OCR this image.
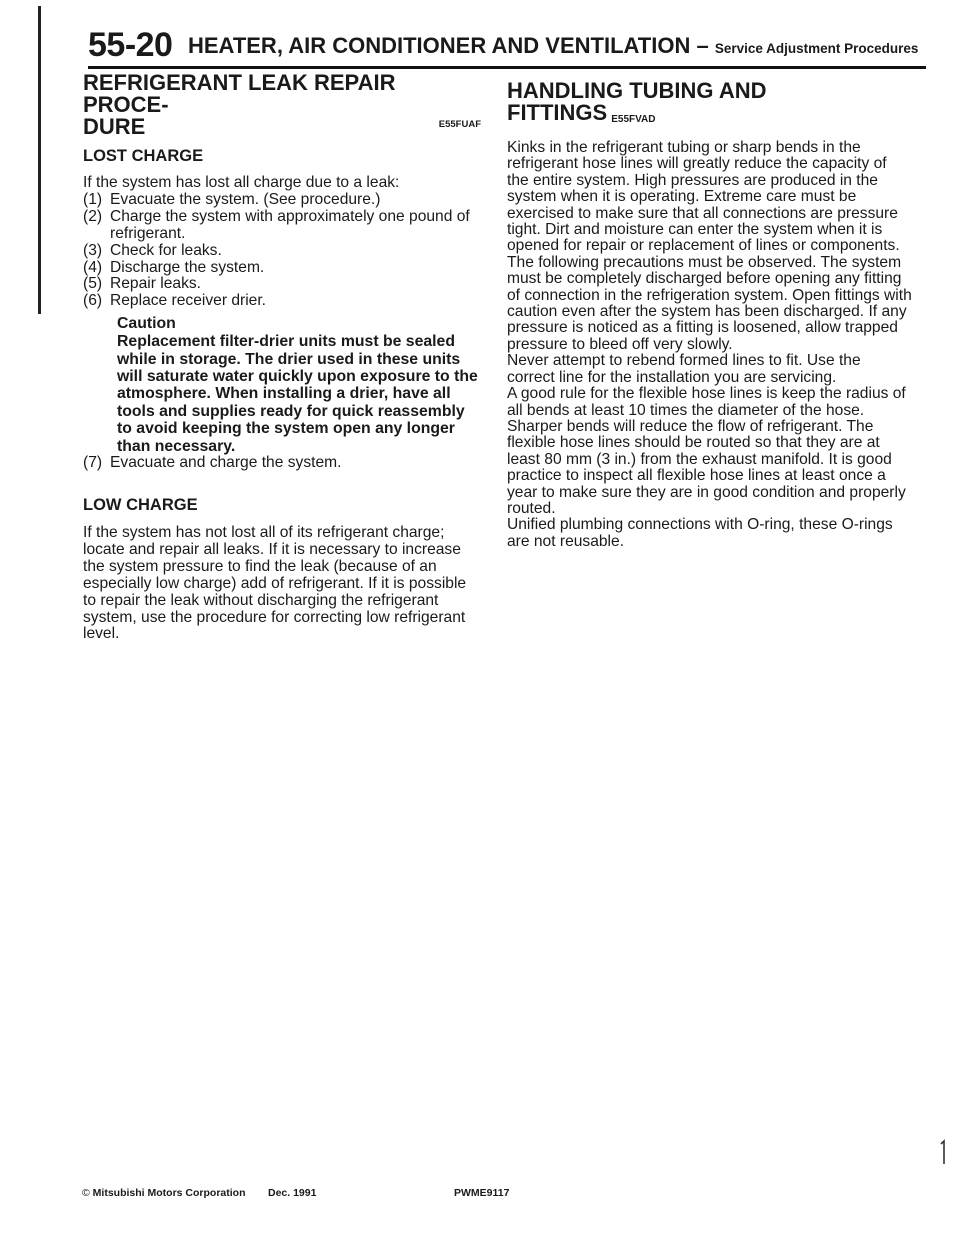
55-20 HEATER, AIR CONDITIONER AND VENTILATION – Service Adjustment Procedures
REFRIGERANT LEAK REPAIR PROCE-
DURE	E55FUAF
LOST CHARGE

If the system has lost all charge due to a leak:

(1) Evacuate the system. (See procedure.)
(2) Charge the system with approximately one pound of refrigerant.
(3) Check for leaks.
(4) Discharge the system.
(5) Repair leaks.
(6) Replace receiver drier.
Caution

Replacement filter-drier units must be sealed while in storage. The drier used in these units will saturate water quickly upon exposure to the atmosphere. When installing a drier, have all tools and supplies ready for quick reassembly to avoid keeping the system open any longer than necessary.

(7) Evacuate and charge the system.
LOW CHARGE

If the system has not lost all of its refrigerant charge; locate and repair all leaks. If it is necessary to increase the system pressure to find the leak (because of an especially low charge) add of refrigerant. If it is possible to repair the leak without discharging the refrigerant system, use the procedure for correcting low refrigerant level.

HANDLING TUBING AND FITTINGS E55FVAD

Kinks in the refrigerant tubing or sharp bends in the refrigerant hose lines will greatly reduce the capacity of the entire system. High pressures are produced in the system when it is operating. Extreme care must be exercised to make sure that all connections are pressure tight. Dirt and moisture can enter the system when it is opened for repair or replacement of lines or components. The following precautions must be observed. The system must be completely discharged before opening any fitting of connection in the refrigeration system. Open fittings with caution even after the system has been discharged. If any pressure is noticed as a fitting is loosened, allow trapped pressure to bleed off very slowly.

Never attempt to rebend formed lines to fit. Use the correct line for the installation you are servicing.

A good rule for the flexible hose lines is keep the radius of all bends at least 10 times the diameter of the hose.

Sharper bends will reduce the flow of refrigerant. The flexible hose lines should be routed so that they are at least 80 mm (3 in.) from the exhaust manifold. It is good practice to inspect all flexible hose lines at least once a year to make sure they are in good condition and properly routed.

Unified plumbing connections with O-ring, these O-rings are not reusable.

© Mitsubishi Motors Corporation Dec. 1991	PWME9117
